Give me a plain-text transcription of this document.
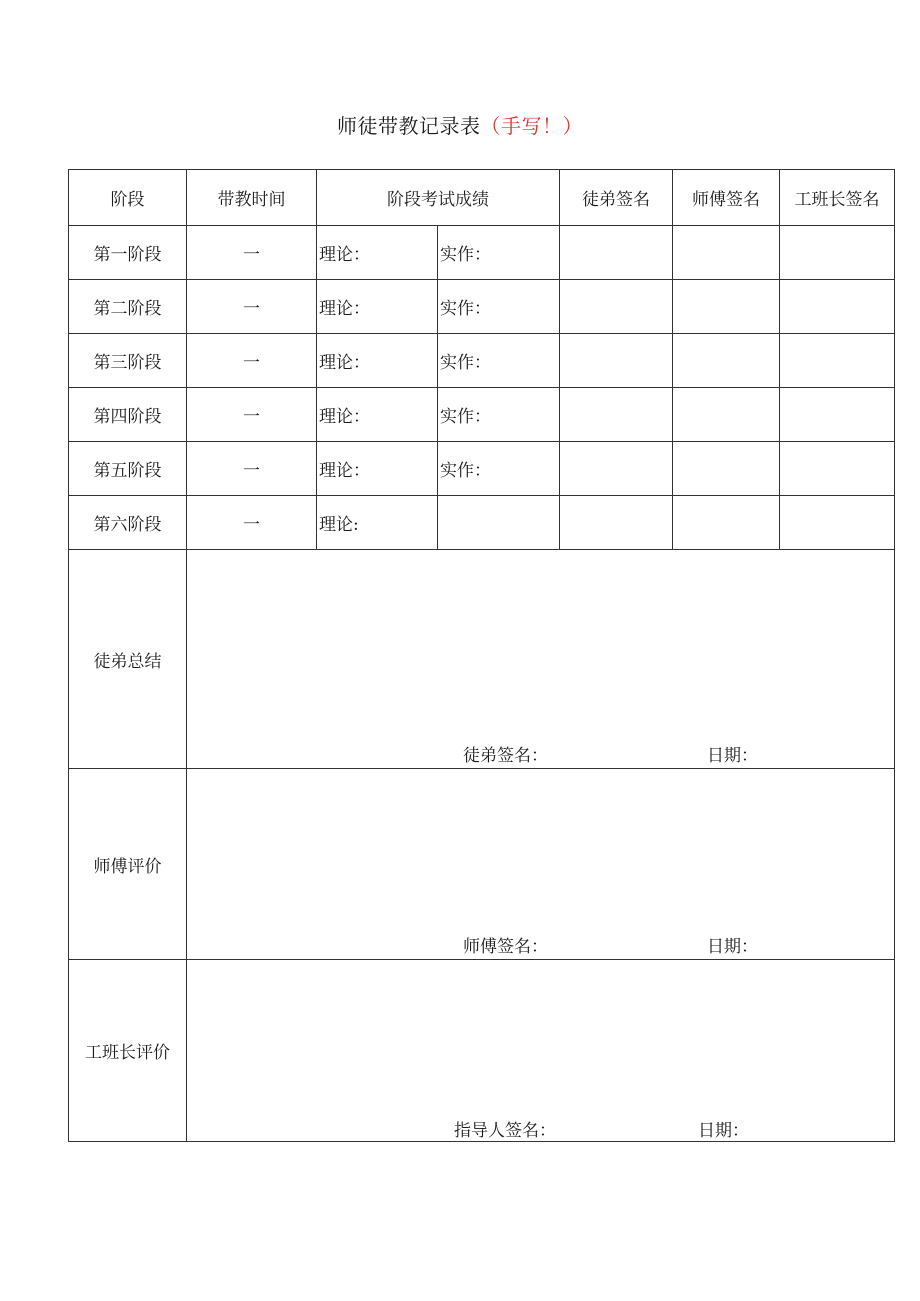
师徒带教记录表（手写！）
阶段	带教时间	阶段考试成绩		徒弟签名	师傅签名	工班长签名
第一阶段	一	理论：	实作：			
第二阶段	一	理论：	实作：			
第三阶段	一	理论：	实作：			
第四阶段	一	理论：	实作：			
第五阶段	一	理论：	实作：			
第六阶段	一	理论:				
徒弟总结	徒弟签名： 日期：					

师傅评价	师傅签名： 日期：					

工班长评价	指导人签名： 日期：					
